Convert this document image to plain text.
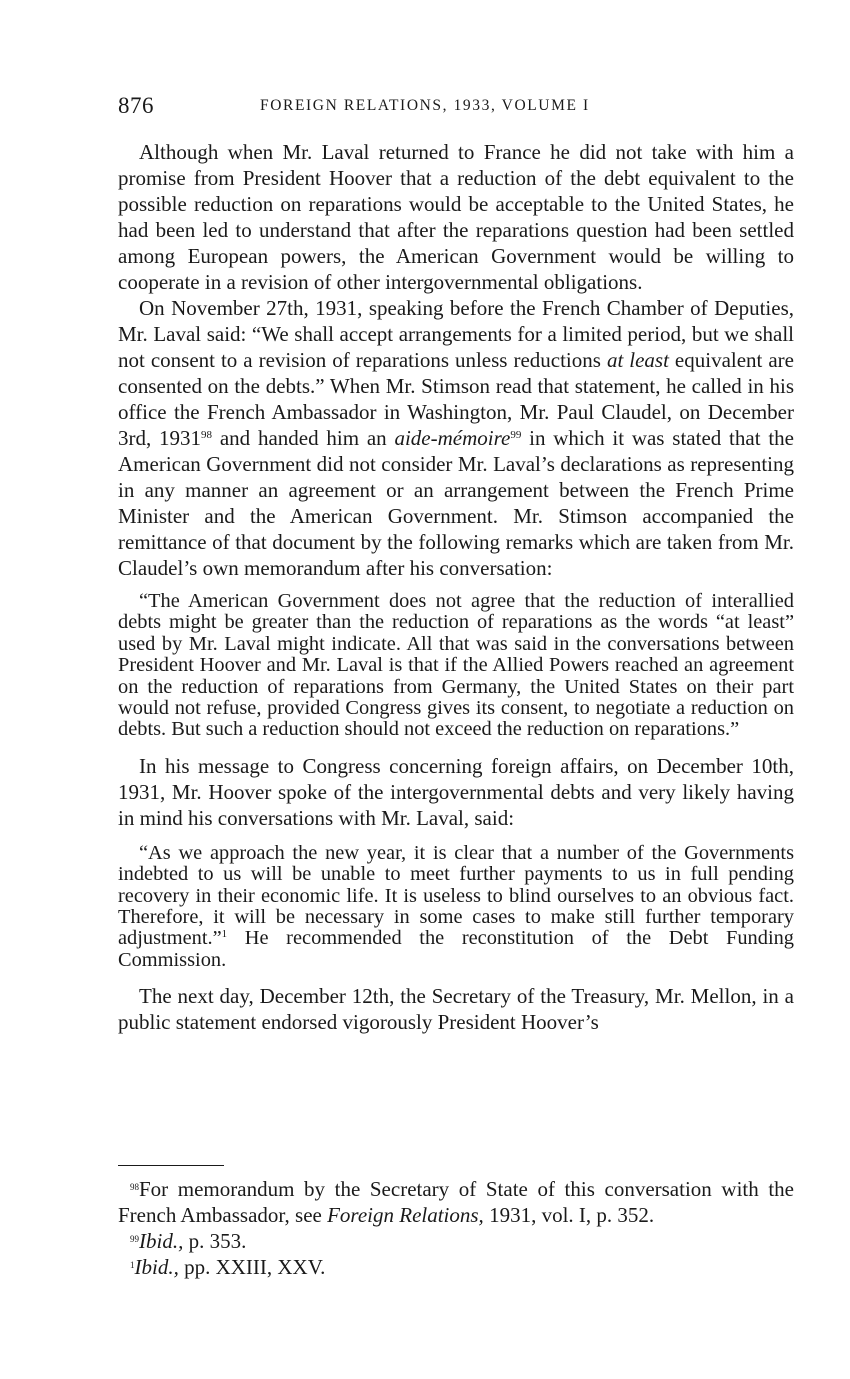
876	FOREIGN RELATIONS, 1933, VOLUME I

Although when Mr. Laval returned to France he did not take with him a promise from President Hoover that a reduction of the debt equivalent to the possible reduction on reparations would be acceptable to the United States, he had been led to understand that after the reparations question had been settled among European powers, the American Government would be willing to cooperate in a revision of other intergovernmental obligations.

On November 27th, 1931, speaking before the French Chamber of Deputies, Mr. Laval said: “We shall accept arrangements for a limited period, but we shall not consent to a revision of reparations unless reductions at least equivalent are consented on the debts.” When Mr. Stimson read that statement, he called in his office the French Ambassador in Washington, Mr. Paul Claudel, on December 3rd, 1931$^{98}$ and handed him an aide-mémoire$^{99}$ in which it was stated that the American Government did not consider Mr. Laval’s declarations as representing in any manner an agreement or an arrangement between the French Prime Minister and the American Government. Mr. Stimson accompanied the remittance of that document by the following remarks which are taken from Mr. Claudel’s own memorandum after his conversation:

“The American Government does not agree that the reduction of interallied debts might be greater than the reduction of reparations as the words “at least” used by Mr. Laval might indicate. All that was said in the conversations between President Hoover and Mr. Laval is that if the Allied Powers reached an agreement on the reduction of reparations from Germany, the United States on their part would not refuse, provided Congress gives its consent, to negotiate a reduction on debts. But such a reduction should not exceed the reduction on reparations.”

In his message to Congress concerning foreign affairs, on December 10th, 1931, Mr. Hoover spoke of the intergovernmental debts and very likely having in mind his conversations with Mr. Laval, said:

“As we approach the new year, it is clear that a number of the Governments indebted to us will be unable to meet further payments to us in full pending recovery in their economic life. It is useless to blind ourselves to an obvious fact. Therefore, it will be necessary in some cases to make still further temporary adjustment.”$^1$ He recommended the reconstitution of the Debt Funding Commission.

The next day, December 12th, the Secretary of the Treasury, Mr. Mellon, in a public statement endorsed vigorously President Hoover’s

$^{98}$For memorandum by the Secretary of State of this conversation with the French Ambassador, see Foreign Relations, 1931, vol. I, p. 352.

$^{99}$Ibid., p. 353.

$^1$Ibid., pp. XXIII, XXV.
